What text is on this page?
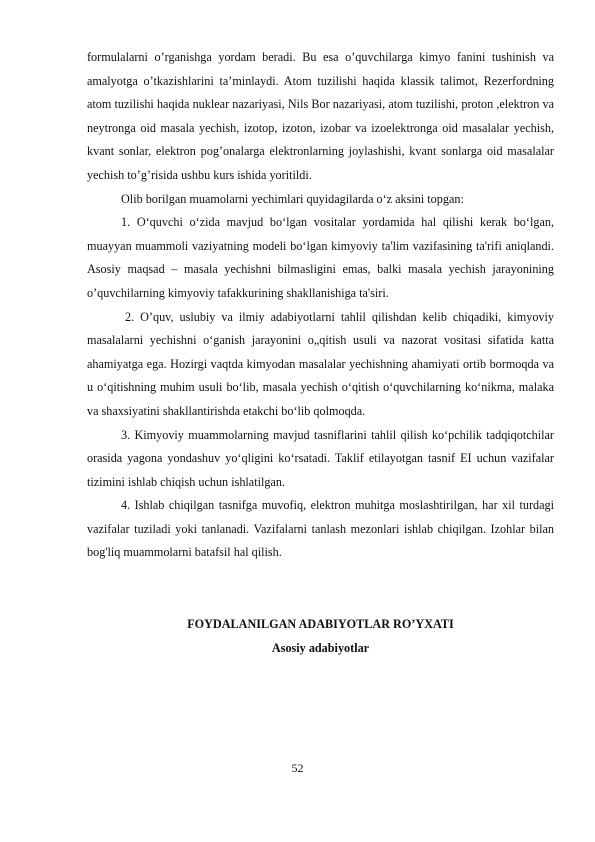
formulalarni o’rganishga yordam beradi. Bu esa o’quvchilarga kimyo fanini tushinish va amalyotga o’tkazishlarini ta’minlaydi. Atom tuzilishi haqida klassik talimot, Rezerfordning atom tuzilishi haqida nuklear nazariyasi, Nils Bor nazariyasi, atom tuzilishi, proton ,elektron va neytronga oid masala yechish, izotop, izoton, izobar va izoelektronga oid masalalar yechish, kvant sonlar, elektron pog’onalarga elektronlarning joylashishi, kvant sonlarga oid masalalar yechish to’g’risida ushbu kurs ishida yoritildi.

Olib borilgan muamolarni yechimlari quyidagilarda o‘z aksini topgan:

1. O‘quvchi o‘zida mavjud bo‘lgan vositalar yordamida hal qilishi kerak bo‘lgan, muayyan muammoli vaziyatning modeli bo‘lgan kimyoviy ta'lim vazifasining ta'rifi aniqlandi. Asosiy maqsad – masala yechishni bilmasligini emas, balki masala yechish jarayonining o’quvchilarning kimyoviy tafakkurining shakllanishiga ta'siri.

2. O’quv, uslubiy va ilmiy adabiyotlarni tahlil qilishdan kelib chiqadiki, kimyoviy masalalarni yechishni o‘ganish jarayonini o„qitish usuli va nazorat vositasi sifatida katta ahamiyatga ega. Hozirgi vaqtda kimyodan masalalar yechishning ahamiyati ortib bormoqda va u o‘qitishning muhim usuli bo‘lib, masala yechish o‘qitish o‘quvchilarning ko‘nikma, malaka va shaxsiyatini shakllantirishda etakchi bo‘lib qolmoqda.

3. Kimyoviy muammolarning mavjud tasniflarini tahlil qilish ko‘pchilik tadqiqotchilar orasida yagona yondashuv yo‘qligini ko‘rsatadi. Taklif etilayotgan tasnif EI uchun vazifalar tizimini ishlab chiqish uchun ishlatilgan.

4. Ishlab chiqilgan tasnifga muvofiq, elektron muhitga moslashtirilgan, har xil turdagi vazifalar tuziladi yoki tanlanadi. Vazifalarni tanlash mezonlari ishlab chiqilgan. Izohlar bilan bog'liq muammolarni batafsil hal qilish.

FOYDALANILGAN ADABIYOTLAR RO’YXATI

Asosiy adabiyotlar

52
